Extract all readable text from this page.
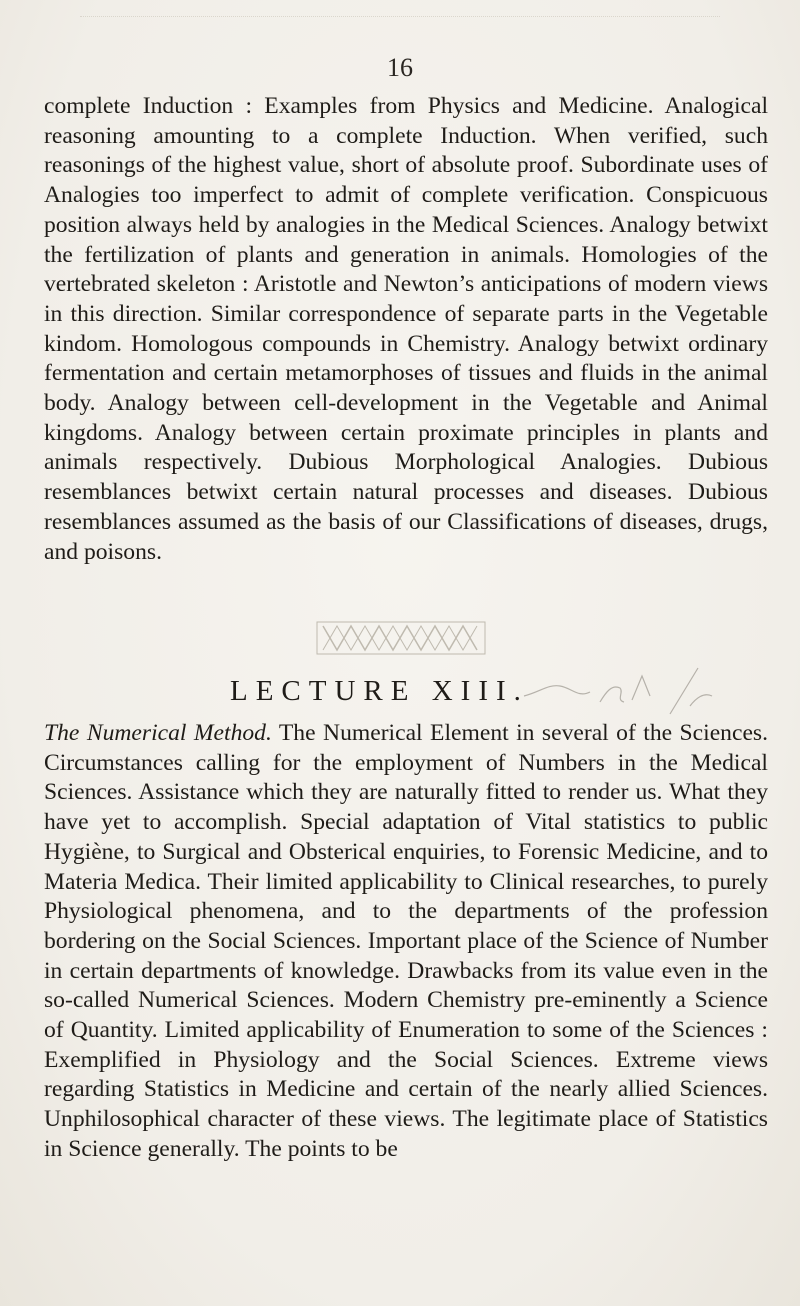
16

complete Induction : Examples from Physics and Medicine. Analogical reasoning amounting to a complete Induction. When verified, such reasonings of the highest value, short of absolute proof. Subordinate uses of Analogies too imperfect to admit of complete verification. Conspicuous position always held by analogies in the Medical Sciences. Analogy betwixt the fertilization of plants and generation in animals. Homologies of the vertebrated skeleton : Aristotle and Newton’s anticipations of modern views in this direction. Similar correspondence of separate parts in the Vegetable kindom. Homologous compounds in Chemistry. Analogy betwixt ordinary fermentation and certain metamorphoses of tissues and fluids in the animal body. Analogy between cell-development in the Vegetable and Animal kingdoms. Analogy between certain proximate principles in plants and animals respectively. Dubious Morphological Analogies. Dubious resemblances betwixt certain natural processes and diseases. Dubious resemblances assumed as the basis of our Classifications of diseases, drugs, and poisons.

LECTURE XIII.

The Numerical Method. The Numerical Element in several of the Sciences. Circumstances calling for the employment of Numbers in the Medical Sciences. Assistance which they are naturally fitted to render us. What they have yet to accomplish. Special adaptation of Vital statistics to public Hygiène, to Surgical and Obsterical enquiries, to Forensic Medicine, and to Materia Medica. Their limited applicability to Clinical researches, to purely Physiological phenomena, and to the departments of the profession bordering on the Social Sciences. Important place of the Science of Number in certain departments of knowledge. Drawbacks from its value even in the so-called Numerical Sciences. Modern Chemistry pre-eminently a Science of Quantity. Limited applicability of Enumeration to some of the Sciences : Exemplified in Physiology and the Social Sciences. Extreme views regarding Statistics in Medicine and certain of the nearly allied Sciences. Unphilosophical character of these views. The legitimate place of Statistics in Science generally. The points to be
